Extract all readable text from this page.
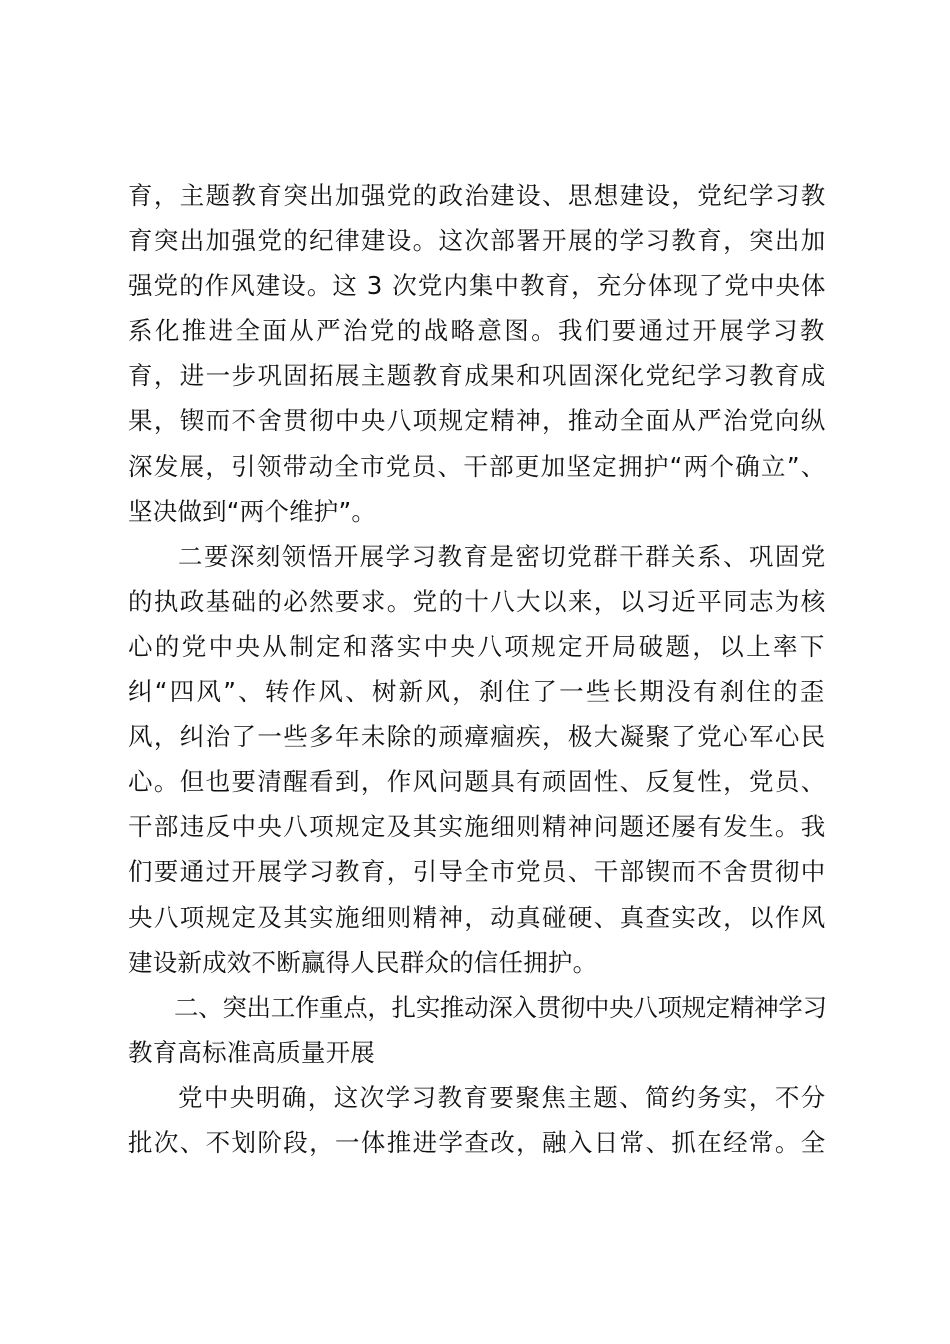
育，主题教育突出加强党的政治建设、思想建设，党纪学习教
育突出加强党的纪律建设。这次部署开展的学习教育，突出加
强党的作风建设。这 3 次党内集中教育，充分体现了党中央体
系化推进全面从严治党的战略意图。我们要通过开展学习教
育，进一步巩固拓展主题教育成果和巩固深化党纪学习教育成
果，锲而不舍贯彻中央八项规定精神，推动全面从严治党向纵
深发展，引领带动全市党员、干部更加坚定拥护“两个确立”、
坚决做到“两个维护”。
二要深刻领悟开展学习教育是密切党群干群关系、巩固党
的执政基础的必然要求。党的十八大以来，以习近平同志为核
心的党中央从制定和落实中央八项规定开局破题，以上率下
纠“四风”、转作风、树新风，刹住了一些长期没有刹住的歪
风，纠治了一些多年未除的顽瘴痼疾，极大凝聚了党心军心民
心。但也要清醒看到，作风问题具有顽固性、反复性，党员、
干部违反中央八项规定及其实施细则精神问题还屡有发生。我
们要通过开展学习教育，引导全市党员、干部锲而不舍贯彻中
央八项规定及其实施细则精神，动真碰硬、真查实改，以作风
建设新成效不断赢得人民群众的信任拥护。
二、突出工作重点，扎实推动深入贯彻中央八项规定精神学习
教育高标准高质量开展
党中央明确，这次学习教育要聚焦主题、简约务实，不分
批次、不划阶段，一体推进学查改，融入日常、抓在经常。全
